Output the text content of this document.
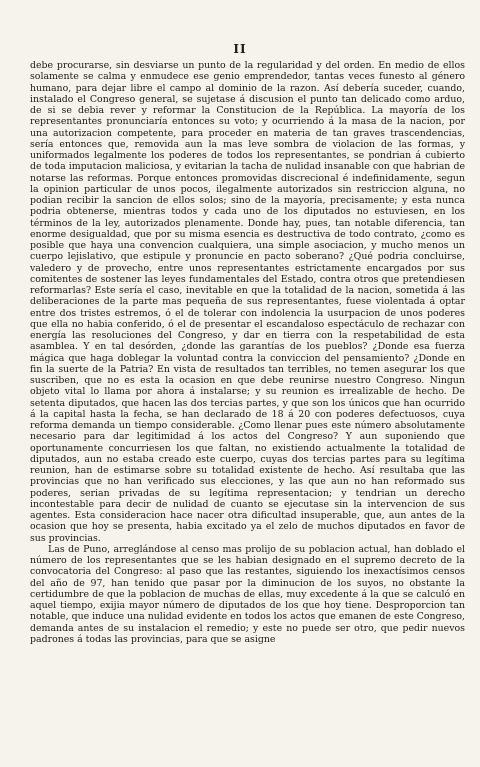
II

debe procurarse, sin desviarse un punto de la regularidad y del orden. En medio de ellos solamente se calma y enmudece ese genio emprendedor, tantas veces funesto al género humano, para dejar libre el campo al dominio de la razon. Así debería suceder, cuando, instalado el Congreso general, se sujetase á discusion el punto tan delicado como arduo, de si se debia rever y reformar la Constitucion de la República. La mayoría de los representantes pronunciaría entonces su voto; y ocurriendo á la masa de la nacion, por una autorizacion competente, para proceder en materia de tan graves trascendencias, sería entonces que, removida aun la mas leve sombra de violacion de las formas, y uniformados legalmente los poderes de todos los representantes, se pondrian á cubierto de toda imputacion maliciosa, y evitarian la tacha de nulidad insanable con que habrian de notarse las reformas. Porque entonces promovidas discrecional é indefinidamente, segun la opinion particular de unos pocos, ilegalmente autorizados sin restriccion alguna, no podian recibir la sancion de ellos solos; sino de la mayoría, precisamente; y esta nunca podria obtenerse, mientras todos y cada uno de los diputados no estuviesen, en los términos de la ley, autorizados plenamente. Donde hay, pues, tan notable diferencia, tan enorme desigualdad, que por su misma esencia es destructiva de todo contrato, ¿como es posible que haya una convencion cualquiera, una simple asociacion, y mucho menos un cuerpo lejislativo, que estipule y pronuncie en pacto soberano? ¿Qué podria concluirse, valedero y de provecho, entre unos representantes estrictamente encargados por sus comitentes de sostener las leyes fundamentales del Estado, contra otros que pretendiesen reformarlas? Este sería el caso, inevitable en que la totalidad de la nacion, sometida á las deliberaciones de la parte mas pequeña de sus representantes, fuese violentada á optar entre dos tristes estremos, ó el de tolerar con indolencia la usurpacion de unos poderes que ella no habia conferido, ó el de presentar el escandaloso espectáculo de rechazar con energía las resoluciones del Congreso, y dar en tierra con la respetabilidad de esta asamblea. Y en tal desórden, ¿donde las garantías de los pueblos? ¿Donde esa fuerza mágica que haga doblegar la voluntad contra la conviccion del pensamiento? ¿Donde en fin la suerte de la Patria? En vista de resultados tan terribles, no temen asegurar los que suscriben, que no es esta la ocasion en que debe reunirse nuestro Congreso. Ningun objeto vital lo llama por ahora á instalarse; y su reunion es irrealizable de hecho. De setenta diputados, que hacen las dos tercias partes, y que son los únicos que han ocurrido á la capital hasta la fecha, se han declarado de 18 á 20 con poderes defectuosos, cuya reforma demanda un tiempo considerable. ¿Como llenar pues este número absolutamente necesario para dar legitimidad á los actos del Congreso? Y aun suponiendo que oportunamente concurriesen los que faltan, no existiendo actualmente la totalidad de diputados, aun no estaba creado este cuerpo, cuyas dos tercias partes para su legítima reunion, han de estimarse sobre su totalidad existente de hecho. Así resultaba que las provincias que no han verificado sus elecciones, y las que aun no han reformado sus poderes, serian privadas de su legítima representacion; y tendrian un derecho incontestable para decir de nulidad de cuanto se ejecutase sin la intervencion de sus agentes. Esta consideracion hace nacer otra dificultad insuperable, que, aun antes de la ocasion que hoy se presenta, habia excitado ya el zelo de muchos diputados en favor de sus provincias.

Las de Puno, arreglándose al censo mas prolijo de su poblacion actual, han doblado el número de los representantes que se les habian designado en el supremo decreto de la convocatoria del Congreso: al paso que las restantes, siguiendo los inexactísimos censos del año de 97, han tenido que pasar por la diminucion de los suyos, no obstante la certidumbre de que la poblacion de muchas de ellas, muy excedente á la que se calculó en aquel tiempo, exijia mayor número de diputados de los que hoy tiene. Desproporcion tan notable, que induce una nulidad evidente en todos los actos que emanen de este Congreso, demanda antes de su instalacion el remedio; y este no puede ser otro, que pedir nuevos padrones á todas las provincias, para que se asigne
